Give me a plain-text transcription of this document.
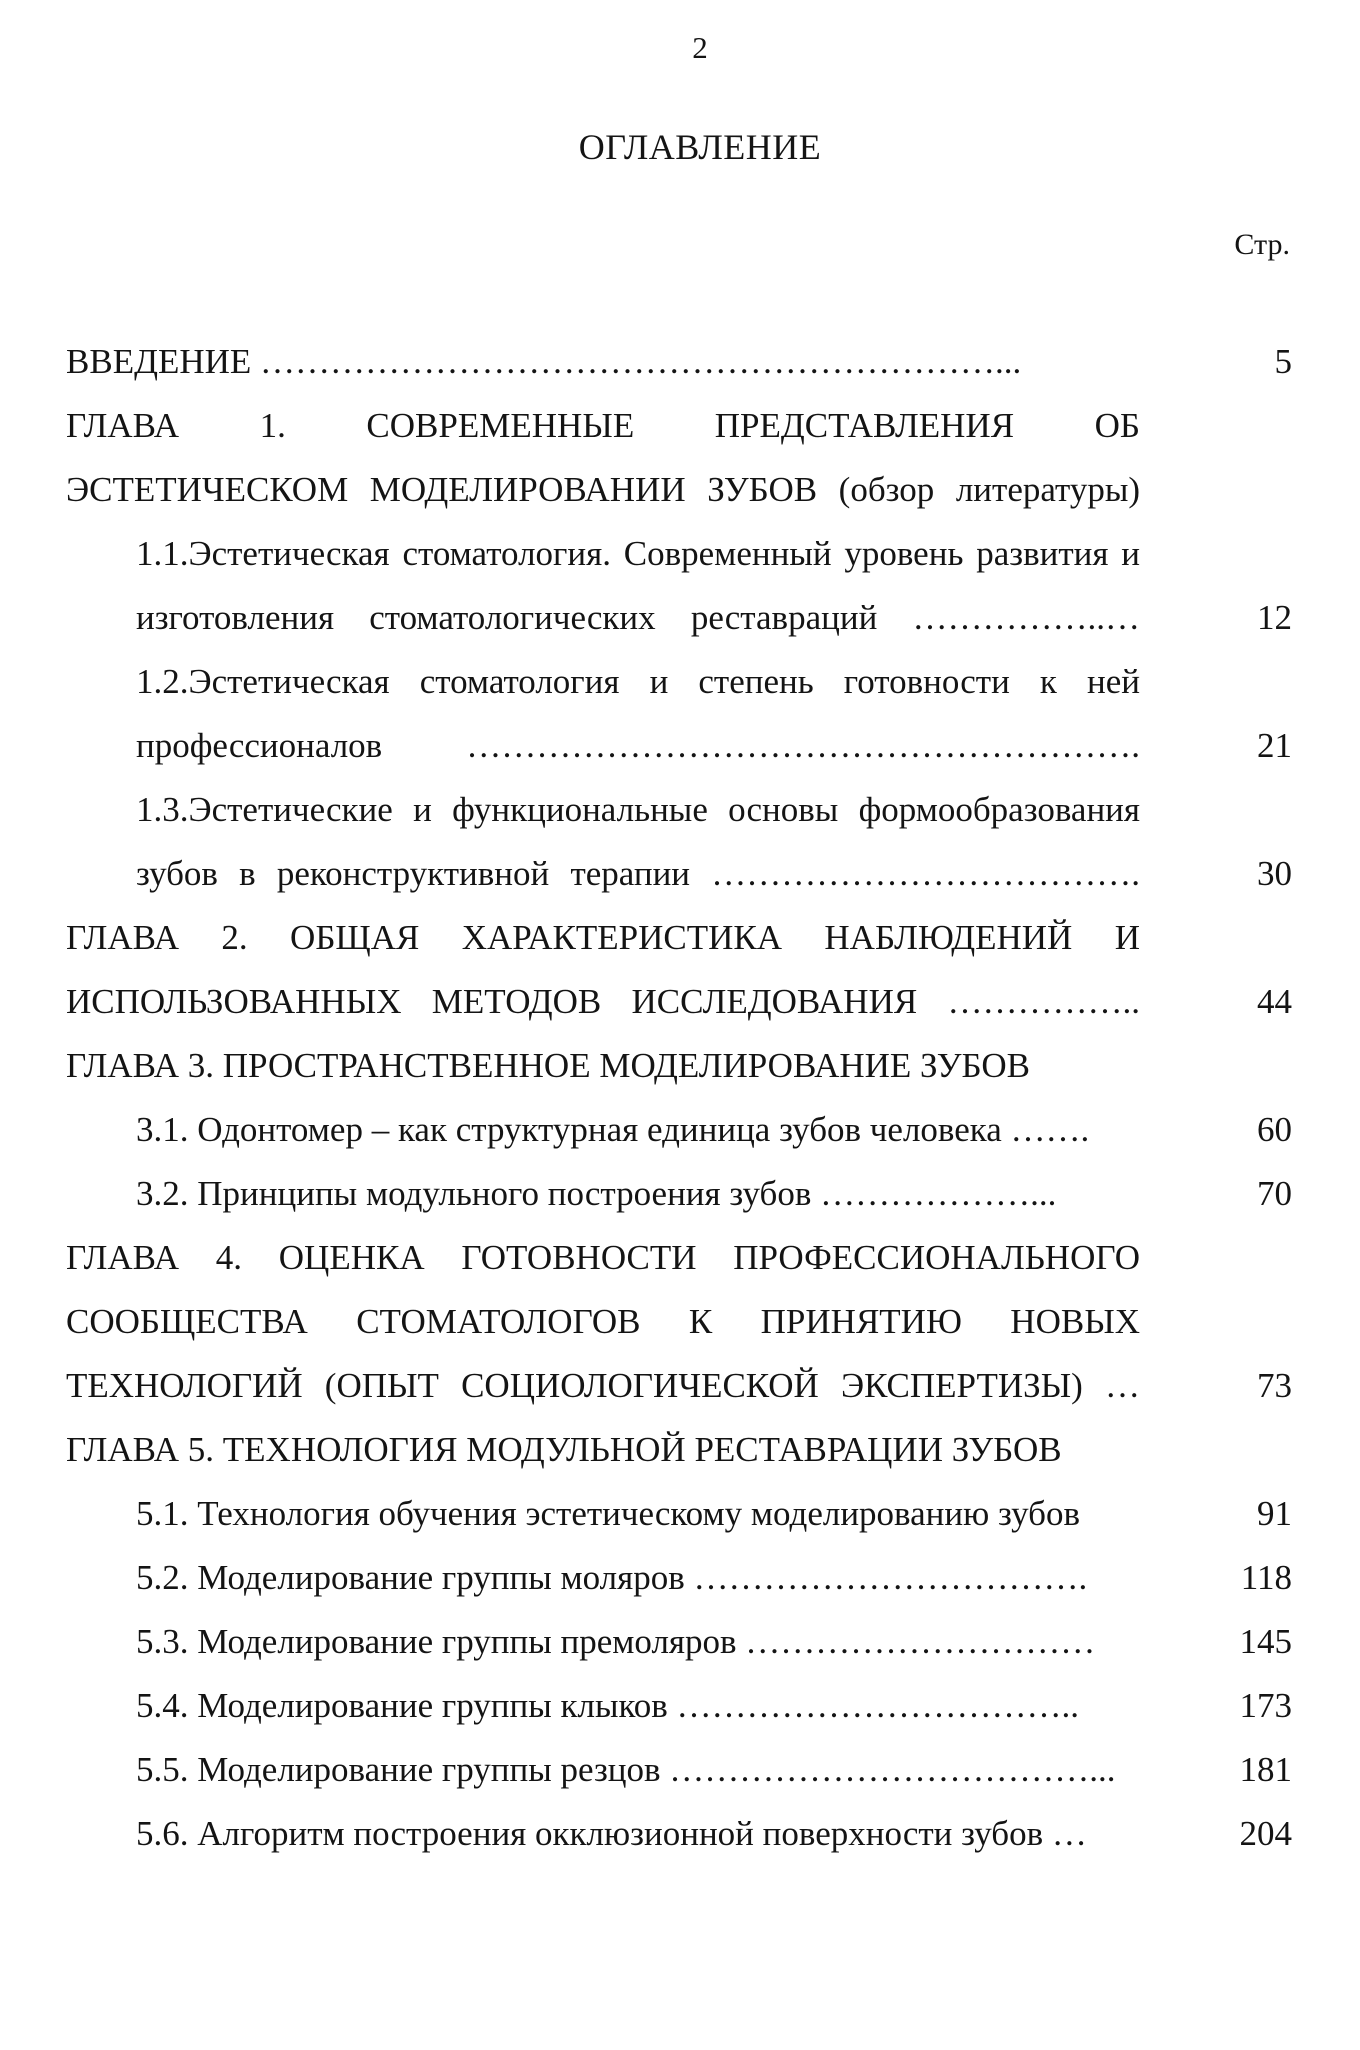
2
ОГЛАВЛЕНИЕ
Стр.
ВВЕДЕНИЕ ………………………………………………………...	5
ГЛАВА 1. СОВРЕМЕННЫЕ ПРЕДСТАВЛЕНИЯ ОБ ЭСТЕТИЧЕСКОМ МОДЕЛИРОВАНИИ ЗУБОВ (обзор литературы)
1.1.Эстетическая стоматология. Современный уровень развития и изготовления стоматологических реставраций ……………..…	12
1.2.Эстетическая стоматология и степень готовности к ней профессионалов ………………………………………………….	21
1.3.Эстетические и функциональные основы формообразования зубов в реконструктивной терапии ……………………………….	30
ГЛАВА 2. ОБЩАЯ ХАРАКТЕРИСТИКА НАБЛЮДЕНИЙ И ИСПОЛЬЗОВАННЫХ МЕТОДОВ ИССЛЕДОВАНИЯ ……………..	44
ГЛАВА 3. ПРОСТРАНСТВЕННОЕ МОДЕЛИРОВАНИЕ ЗУБОВ
3.1. Одонтомер – как структурная единица зубов человека …….	60
3.2. Принципы модульного построения зубов ………………...	70
ГЛАВА 4. ОЦЕНКА ГОТОВНОСТИ ПРОФЕССИОНАЛЬНОГО СООБЩЕСТВА СТОМАТОЛОГОВ К ПРИНЯТИЮ НОВЫХ ТЕХНОЛОГИЙ (ОПЫТ СОЦИОЛОГИЧЕСКОЙ ЭКСПЕРТИЗЫ) …	73
ГЛАВА 5. ТЕХНОЛОГИЯ МОДУЛЬНОЙ РЕСТАВРАЦИИ ЗУБОВ
5.1. Технология обучения эстетическому моделированию зубов	91
5.2. Моделирование группы моляров …………………………….	118
5.3. Моделирование группы премоляров …………………………	145
5.4. Моделирование группы клыков ……………………………..	173
5.5. Моделирование группы резцов ………………………………...	181
5.6. Алгоритм построения окклюзионной поверхности зубов …	204
